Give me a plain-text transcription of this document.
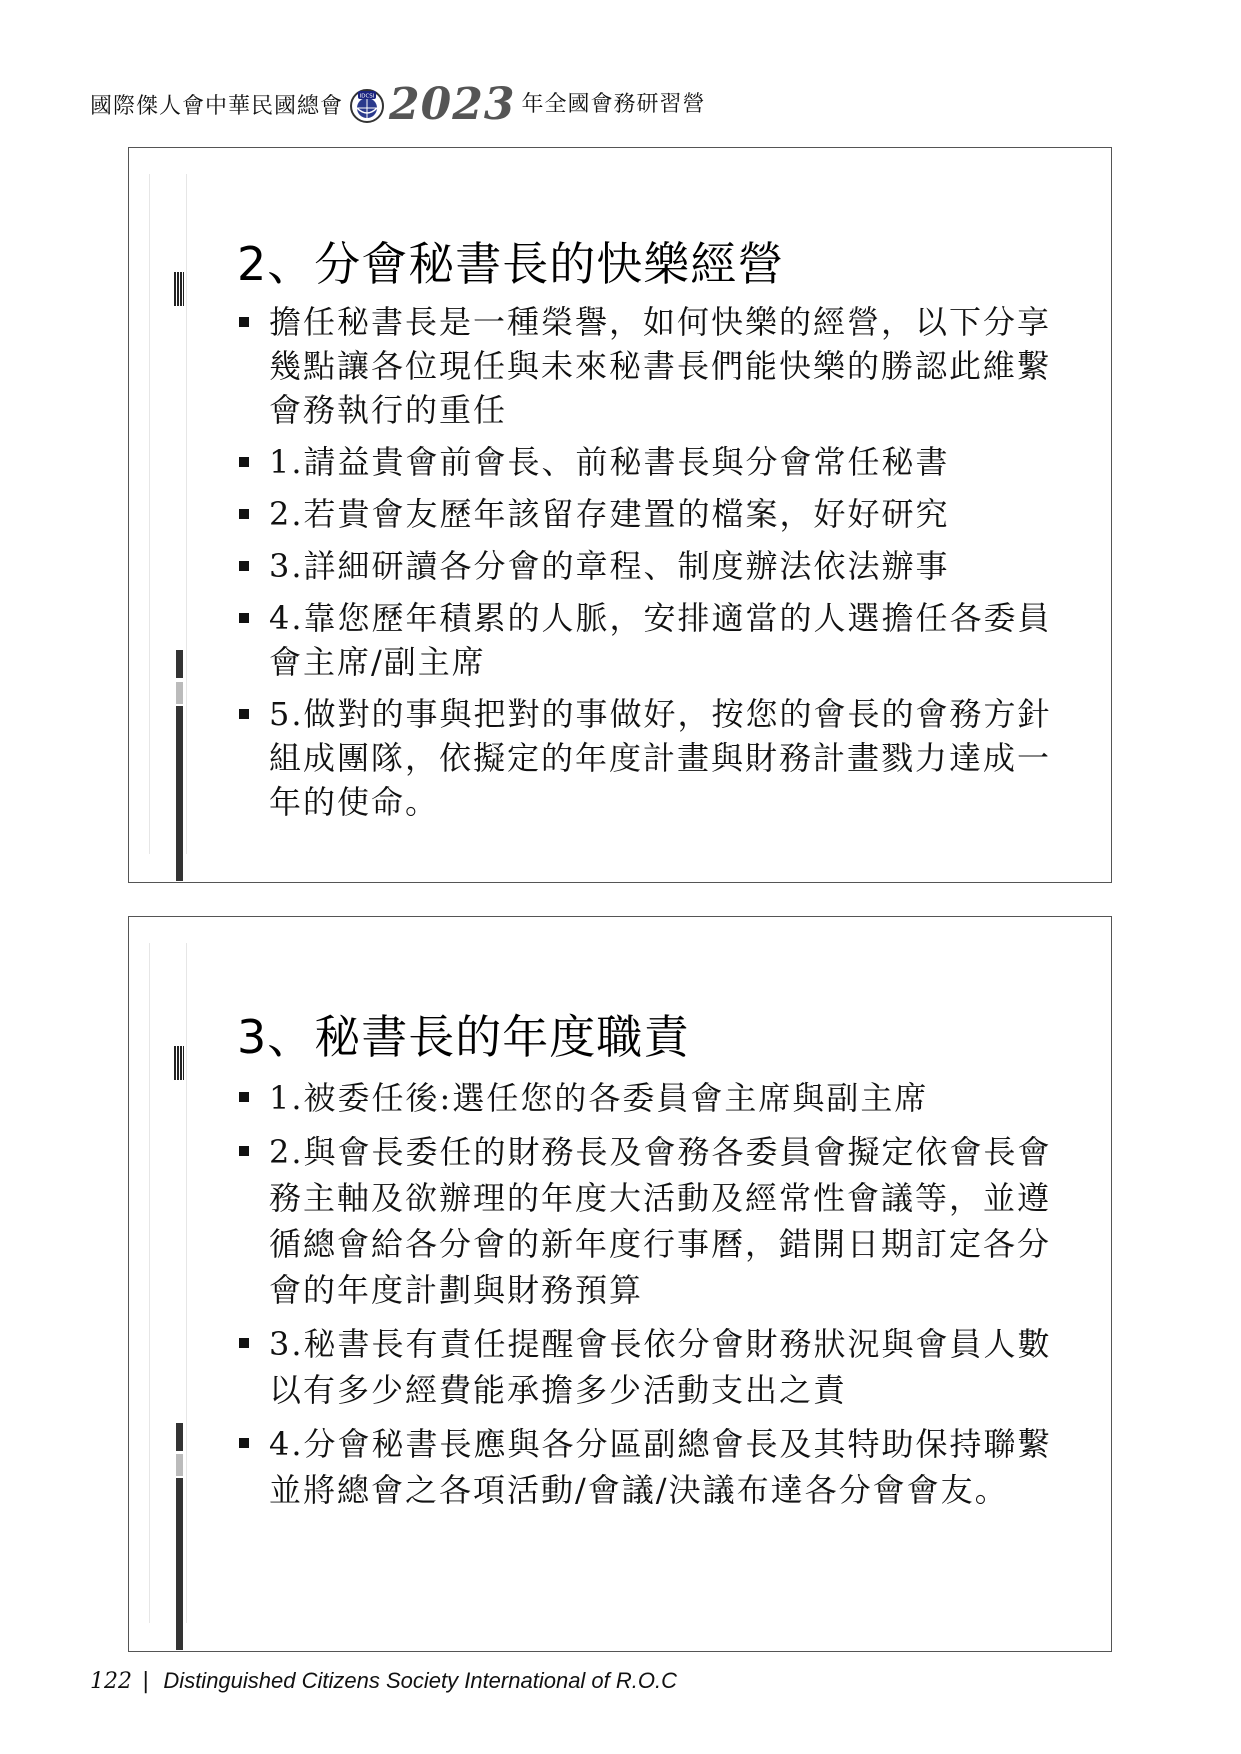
國際傑人會中華民國總會	IDCSI 2023 年全國會務研習營
2、分會秘書長的快樂經營
擔任秘書長是一種榮譽，如何快樂的經營，以下分享幾點讓各位現任與未來秘書長們能快樂的勝認此維繫會務執行的重任
1.請益貴會前會長、前秘書長與分會常任秘書
2.若貴會友歷年該留存建置的檔案，好好研究
3.詳細研讀各分會的章程、制度辦法依法辦事
4.靠您歷年積累的人脈，安排適當的人選擔任各委員會主席/副主席
5.做對的事與把對的事做好，按您的會長的會務方針組成團隊，依擬定的年度計畫與財務計畫戮力達成一年的使命。
3、秘書長的年度職責
1.被委任後:選任您的各委員會主席與副主席
2.與會長委任的財務長及會務各委員會擬定依會長會務主軸及欲辦理的年度大活動及經常性會議等，並遵循總會給各分會的新年度行事曆，錯開日期訂定各分會的年度計劃與財務預算
3.秘書長有責任提醒會長依分會財務狀況與會員人數以有多少經費能承擔多少活動支出之責
4.分會秘書長應與各分區副總會長及其特助保持聯繫並將總會之各項活動/會議/決議布達各分會會友。
122 | Distinguished Citizens Society International of R.O.C
